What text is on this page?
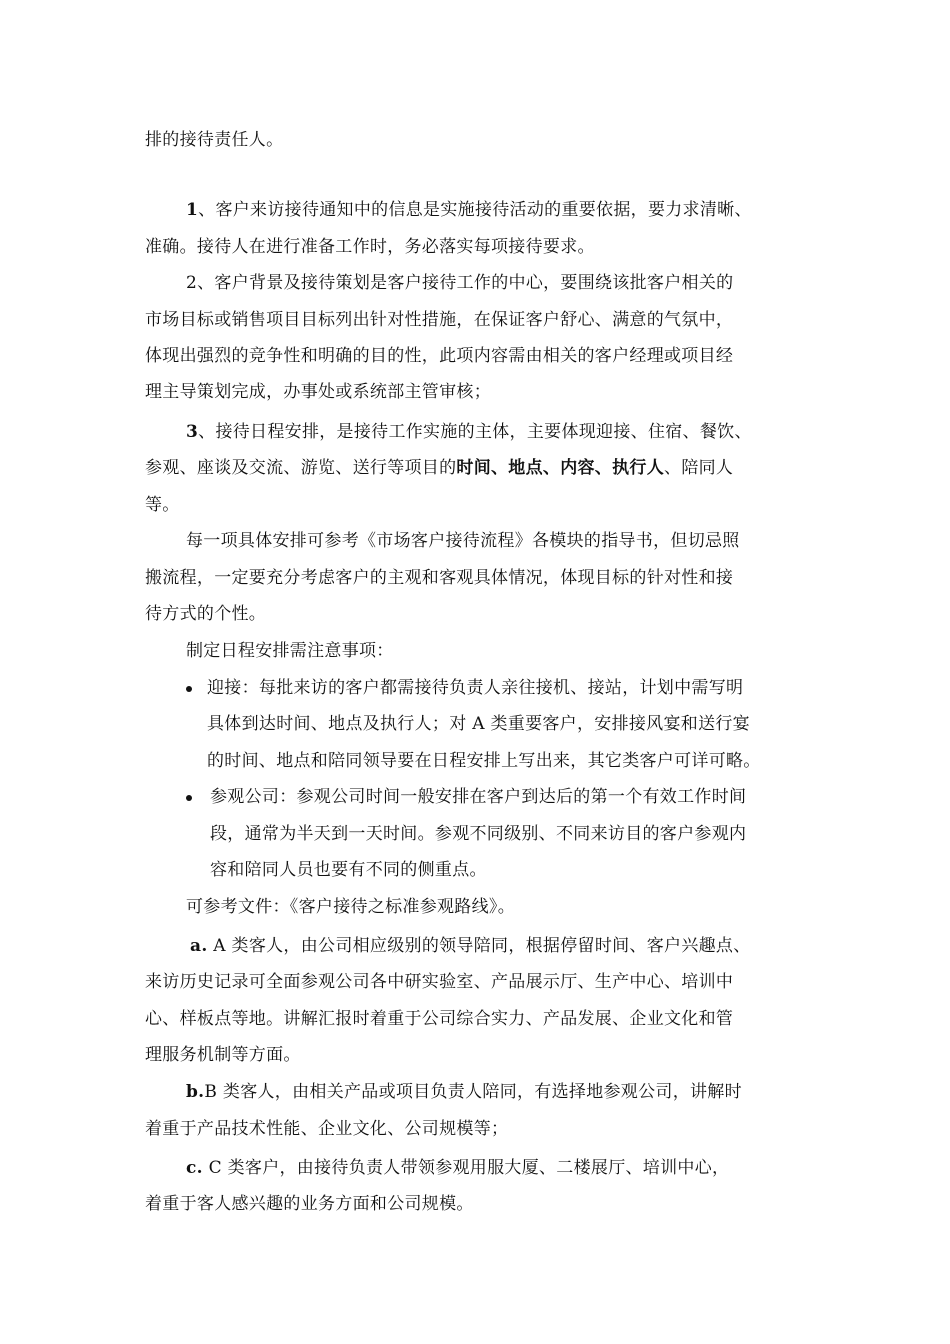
排的接待责任人。
1、客户来访接待通知中的信息是实施接待活动的重要依据，要力求清晰、
准确。接待人在进行准备工作时，务必落实每项接待要求。
2、客户背景及接待策划是客户接待工作的中心，要围绕该批客户相关的
市场目标或销售项目目标列出针对性措施，在保证客户舒心、满意的气氛中，
体现出强烈的竞争性和明确的目的性，此项内容需由相关的客户经理或项目经
理主导策划完成，办事处或系统部主管审核；
3、接待日程安排，是接待工作实施的主体，主要体现迎接、住宿、餐饮、
参观、座谈及交流、游览、送行等项目的时间、地点、内容、执行人、陪同人
等。
每一项具体安排可参考《市场客户接待流程》各模块的指导书，但切忌照
搬流程，一定要充分考虑客户的主观和客观具体情况，体现目标的针对性和接
待方式的个性。
制定日程安排需注意事项：
迎接：每批来访的客户都需接待负责人亲往接机、接站，计划中需写明
具体到达时间、地点及执行人；对 A 类重要客户，安排接风宴和送行宴
的时间、地点和陪同领导要在日程安排上写出来，其它类客户可详可略。
参观公司：参观公司时间一般安排在客户到达后的第一个有效工作时间
段，通常为半天到一天时间。参观不同级别、不同来访目的客户参观内
容和陪同人员也要有不同的侧重点。
可参考文件：《客户接待之标准参观路线》。
a. A 类客人，由公司相应级别的领导陪同，根据停留时间、客户兴趣点、
来访历史记录可全面参观公司各中研实验室、产品展示厅、生产中心、培训中
心、样板点等地。讲解汇报时着重于公司综合实力、产品发展、企业文化和管
理服务机制等方面。
b.B 类客人，由相关产品或项目负责人陪同，有选择地参观公司，讲解时
着重于产品技术性能、企业文化、公司规模等；
c. C 类客户，由接待负责人带领参观用服大厦、二楼展厅、培训中心，
着重于客人感兴趣的业务方面和公司规模。
